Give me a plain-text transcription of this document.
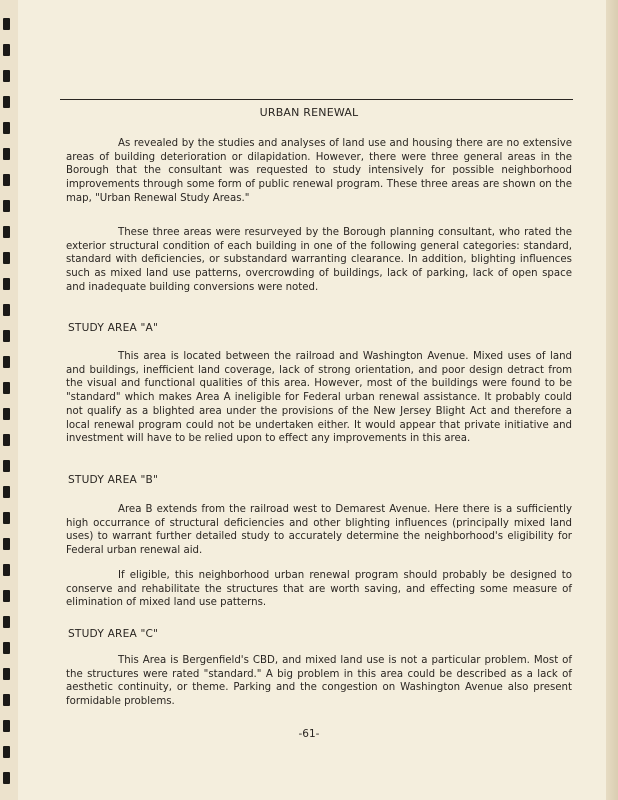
URBAN RENEWAL

As revealed by the studies and analyses of land use and housing there are no extensive areas of building deterioration or dilapidation. However, there were three general areas in the Borough that the consultant was requested to study intensively for possible neighborhood improvements through some form of public renewal program. These three areas are shown on the map, "Urban Renewal Study Areas."

These three areas were resurveyed by the Borough planning consultant, who rated the exterior structural condition of each building in one of the following general categories: standard, standard with deficiencies, or substandard warranting clearance. In addition, blighting influences such as mixed land use patterns, overcrowding of buildings, lack of parking, lack of open space and inadequate building conversions were noted.

STUDY AREA "A"

This area is located between the railroad and Washington Avenue. Mixed uses of land and buildings, inefficient land coverage, lack of strong orientation, and poor design detract from the visual and functional qualities of this area. However, most of the buildings were found to be "standard" which makes Area A ineligible for Federal urban renewal assistance. It probably could not qualify as a blighted area under the provisions of the New Jersey Blight Act and therefore a local renewal program could not be undertaken either. It would appear that private initiative and investment will have to be relied upon to effect any improvements in this area.

STUDY AREA "B"

Area B extends from the railroad west to Demarest Avenue. Here there is a sufficiently high occurrance of structural deficiencies and other blighting influences (principally mixed land uses) to warrant further detailed study to accurately determine the neighborhood's eligibility for Federal urban renewal aid.

If eligible, this neighborhood urban renewal program should probably be designed to conserve and rehabilitate the structures that are worth saving, and effecting some measure of elimination of mixed land use patterns.

STUDY AREA "C"

This Area is Bergenfield's CBD, and mixed land use is not a particular problem. Most of the structures were rated "standard." A big problem in this area could be described as a lack of aesthetic continuity, or theme. Parking and the congestion on Washington Avenue also present formidable problems.

-61-
